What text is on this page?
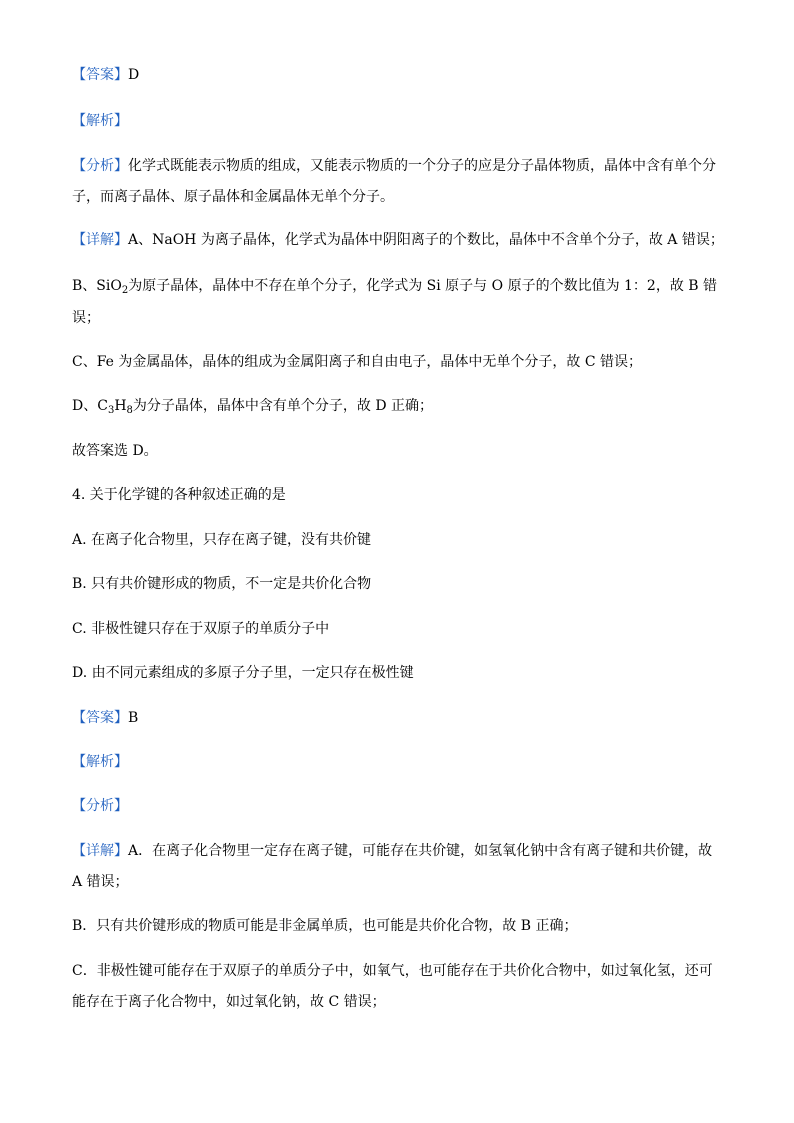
【答案】D
【解析】
【分析】化学式既能表示物质的组成，又能表示物质的一个分子的应是分子晶体物质，晶体中含有单个分
子，而离子晶体、原子晶体和金属晶体无单个分子。
【详解】A、NaOH 为离子晶体，化学式为晶体中阴阳离子的个数比，晶体中不含单个分子，故 A 错误；
B、SiO$_2$为原子晶体，晶体中不存在单个分子，化学式为 Si 原子与 O 原子的个数比值为 1：2，故 B 错
误；
C、Fe 为金属晶体，晶体的组成为金属阳离子和自由电子，晶体中无单个分子，故 C 错误；
D、$C_3H_8$为分子晶体，晶体中含有单个分子，故 D 正确；
故答案选 D。
4. 关于化学键的各种叙述正确的是
A. 在离子化合物里，只存在离子键，没有共价键
B. 只有共价键形成的物质，不一定是共价化合物
C. 非极性键只存在于双原子的单质分子中
D. 由不同元素组成的多原子分子里，一定只存在极性键
【答案】B
【解析】
【分析】
【详解】A．在离子化合物里一定存在离子键，可能存在共价键，如氢氧化钠中含有离子键和共价键，故
A 错误；
B．只有共价键形成的物质可能是非金属单质，也可能是共价化合物，故 B 正确；
C．非极性键可能存在于双原子的单质分子中，如氧气，也可能存在于共价化合物中，如过氧化氢，还可
能存在于离子化合物中，如过氧化钠，故 C 错误；
